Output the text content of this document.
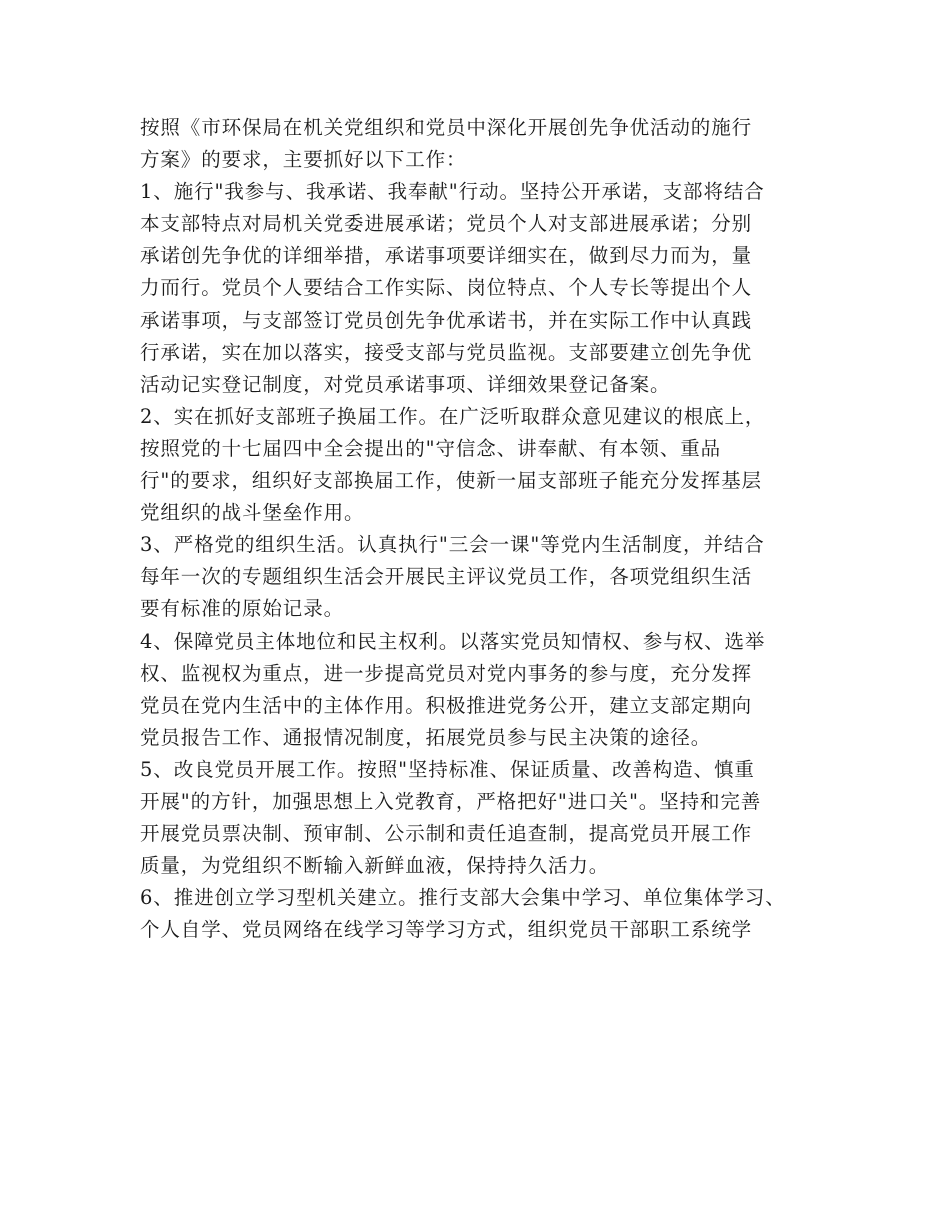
按照《市环保局在机关党组织和党员中深化开展创先争优活动的施行
方案》的要求，主要抓好以下工作：
1、施行"我参与、我承诺、我奉献"行动。坚持公开承诺，支部将结合
本支部特点对局机关党委进展承诺；党员个人对支部进展承诺；分别
承诺创先争优的详细举措，承诺事项要详细实在，做到尽力而为，量
力而行。党员个人要结合工作实际、岗位特点、个人专长等提出个人
承诺事项，与支部签订党员创先争优承诺书，并在实际工作中认真践
行承诺，实在加以落实，接受支部与党员监视。支部要建立创先争优
活动记实登记制度，对党员承诺事项、详细效果登记备案。
2、实在抓好支部班子换届工作。在广泛听取群众意见建议的根底上，
按照党的十七届四中全会提出的"守信念、讲奉献、有本领、重品
行"的要求，组织好支部换届工作，使新一届支部班子能充分发挥基层
党组织的战斗堡垒作用。
3、严格党的组织生活。认真执行"三会一课"等党内生活制度，并结合
每年一次的专题组织生活会开展民主评议党员工作，各项党组织生活
要有标准的原始记录。
4、保障党员主体地位和民主权利。以落实党员知情权、参与权、选举
权、监视权为重点，进一步提高党员对党内事务的参与度，充分发挥
党员在党内生活中的主体作用。积极推进党务公开，建立支部定期向
党员报告工作、通报情况制度，拓展党员参与民主决策的途径。
5、改良党员开展工作。按照"坚持标准、保证质量、改善构造、慎重
开展"的方针，加强思想上入党教育，严格把好"进口关"。坚持和完善
开展党员票决制、预审制、公示制和责任追查制，提高党员开展工作
质量，为党组织不断输入新鲜血液，保持持久活力。
6、推进创立学习型机关建立。推行支部大会集中学习、单位集体学习、
个人自学、党员网络在线学习等学习方式，组织党员干部职工系统学
